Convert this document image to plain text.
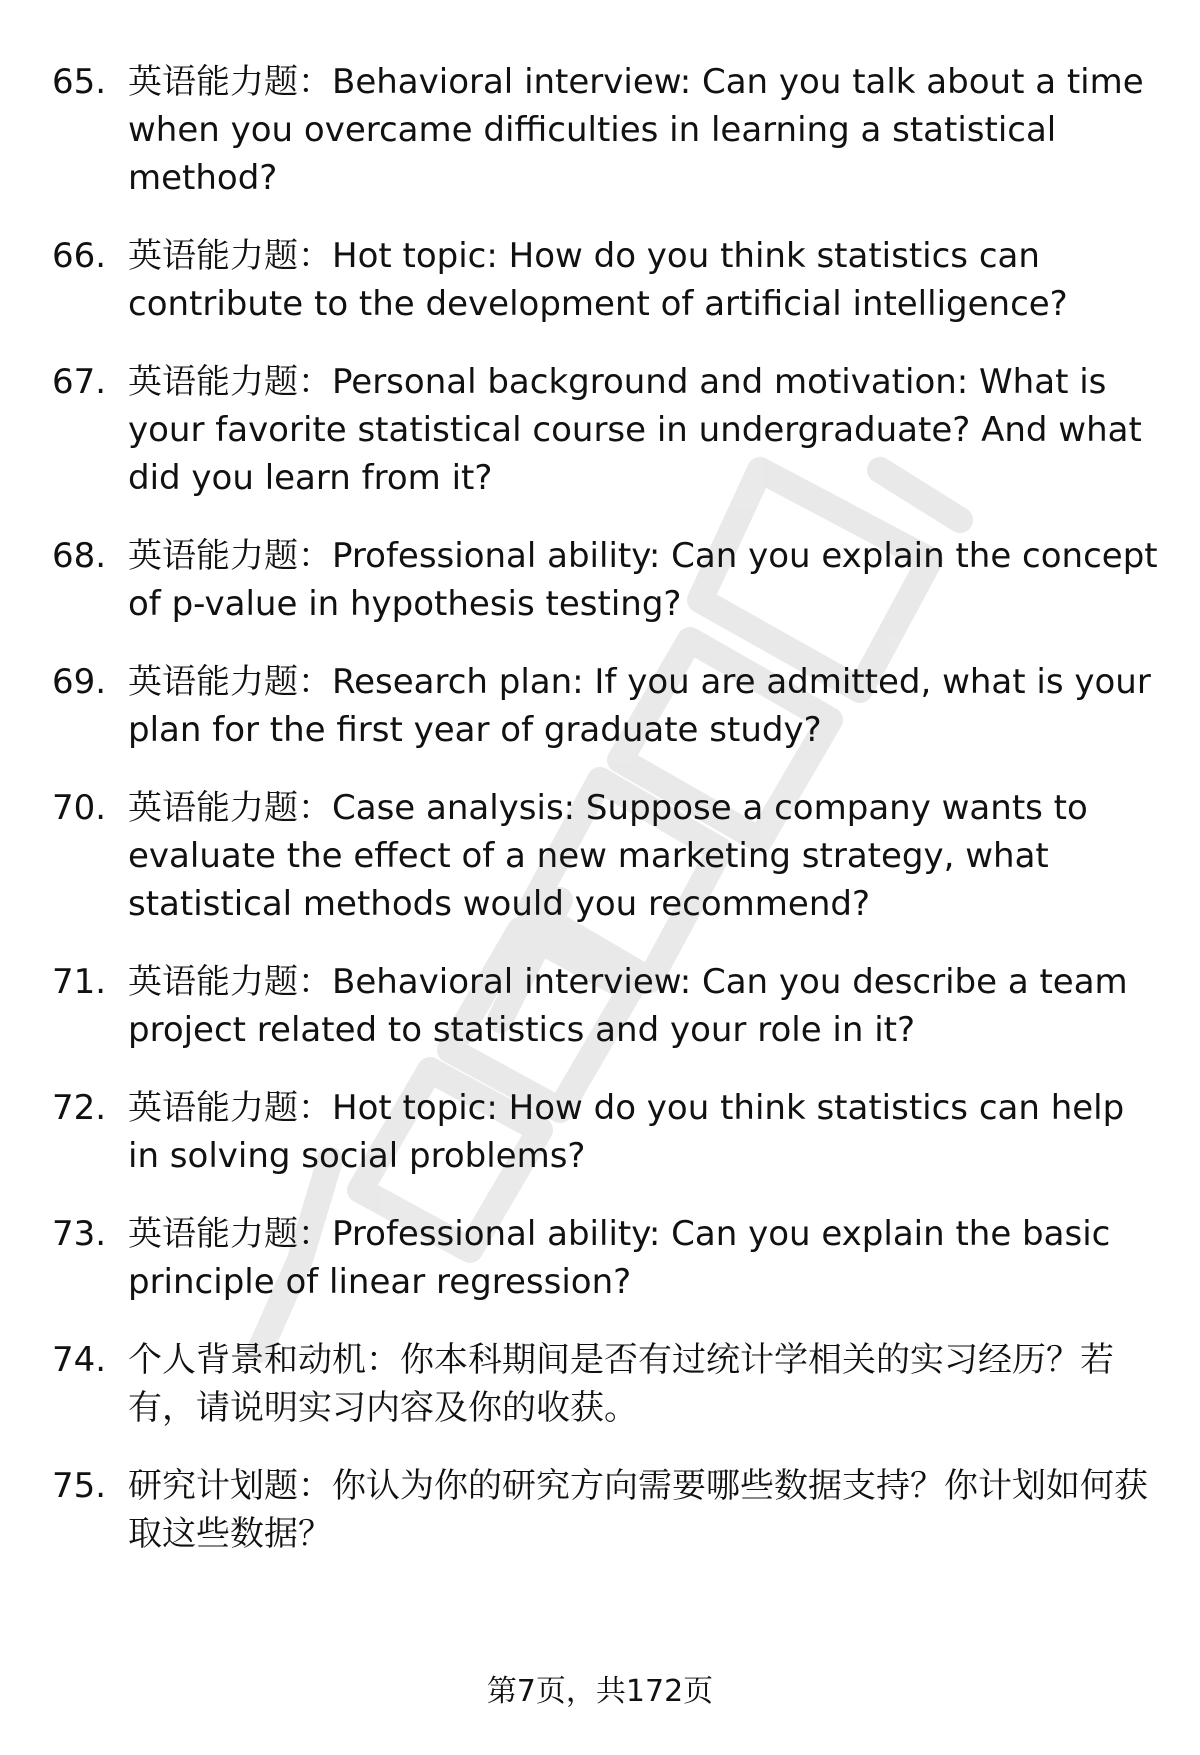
65. 英语能力题：Behavioral interview: Can you talk about a time when you overcame difficulties in learning a statistical method?
66. 英语能力题：Hot topic: How do you think statistics can contribute to the development of artificial intelligence?
67. 英语能力题：Personal background and motivation: What is your favorite statistical course in undergraduate? And what did you learn from it?
68. 英语能力题：Professional ability: Can you explain the concept of p-value in hypothesis testing?
69. 英语能力题：Research plan: If you are admitted, what is your plan for the first year of graduate study?
70. 英语能力题：Case analysis: Suppose a company wants to evaluate the effect of a new marketing strategy, what statistical methods would you recommend?
71. 英语能力题：Behavioral interview: Can you describe a team project related to statistics and your role in it?
72. 英语能力题：Hot topic: How do you think statistics can help in solving social problems?
73. 英语能力题：Professional ability: Can you explain the basic principle of linear regression?
74. 个人背景和动机：你本科期间是否有过统计学相关的实习经历？若有，请说明实习内容及你的收获。
75. 研究计划题：你认为你的研究方向需要哪些数据支持？你计划如何获取这些数据？
第7页，共172页
